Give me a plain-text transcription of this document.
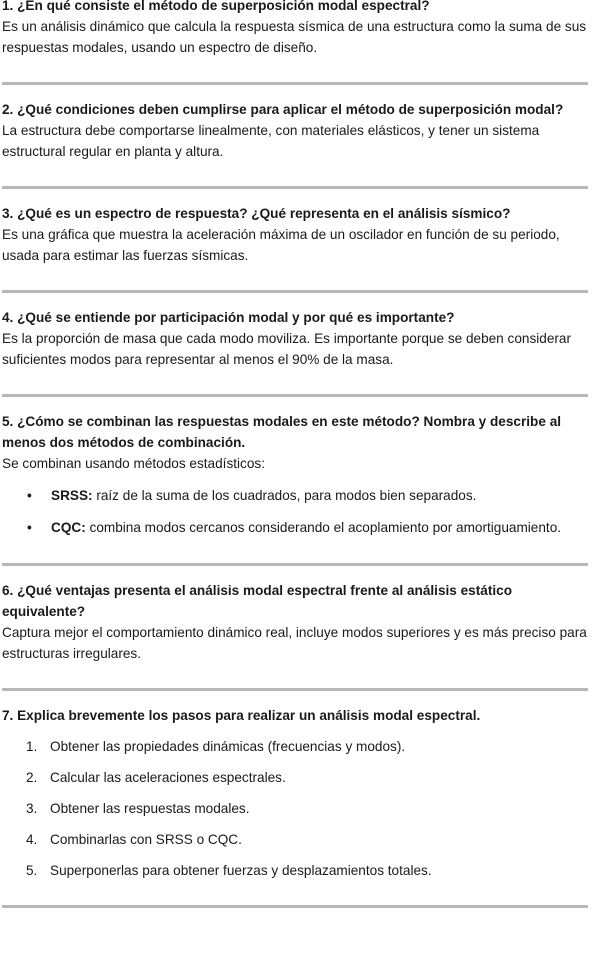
1. ¿En qué consiste el método de superposición modal espectral?

Es un análisis dinámico que calcula la respuesta sísmica de una estructura como la suma de sus respuestas modales, usando un espectro de diseño.

2. ¿Qué condiciones deben cumplirse para aplicar el método de superposición modal?

La estructura debe comportarse linealmente, con materiales elásticos, y tener un sistema estructural regular en planta y altura.

3. ¿Qué es un espectro de respuesta? ¿Qué representa en el análisis sísmico?

Es una gráfica que muestra la aceleración máxima de un oscilador en función de su periodo, usada para estimar las fuerzas sísmicas.

4. ¿Qué se entiende por participación modal y por qué es importante?

Es la proporción de masa que cada modo moviliza. Es importante porque se deben considerar suficientes modos para representar al menos el 90% de la masa.

5. ¿Cómo se combinan las respuestas modales en este método? Nombra y describe al menos dos métodos de combinación.

Se combinan usando métodos estadísticos:

• SRSS: raíz de la suma de los cuadrados, para modos bien separados.
• CQC: combina modos cercanos considerando el acoplamiento por amortiguamiento.
6. ¿Qué ventajas presenta el análisis modal espectral frente al análisis estático equivalente?

Captura mejor el comportamiento dinámico real, incluye modos superiores y es más preciso para estructuras irregulares.

7. Explica brevemente los pasos para realizar un análisis modal espectral.
1. Obtener las propiedades dinámicas (frecuencias y modos).
2. Calcular las aceleraciones espectrales.
3. Obtener las respuestas modales.
4. Combinarlas con SRSS o CQC.
5. Superponerlas para obtener fuerzas y desplazamientos totales.
